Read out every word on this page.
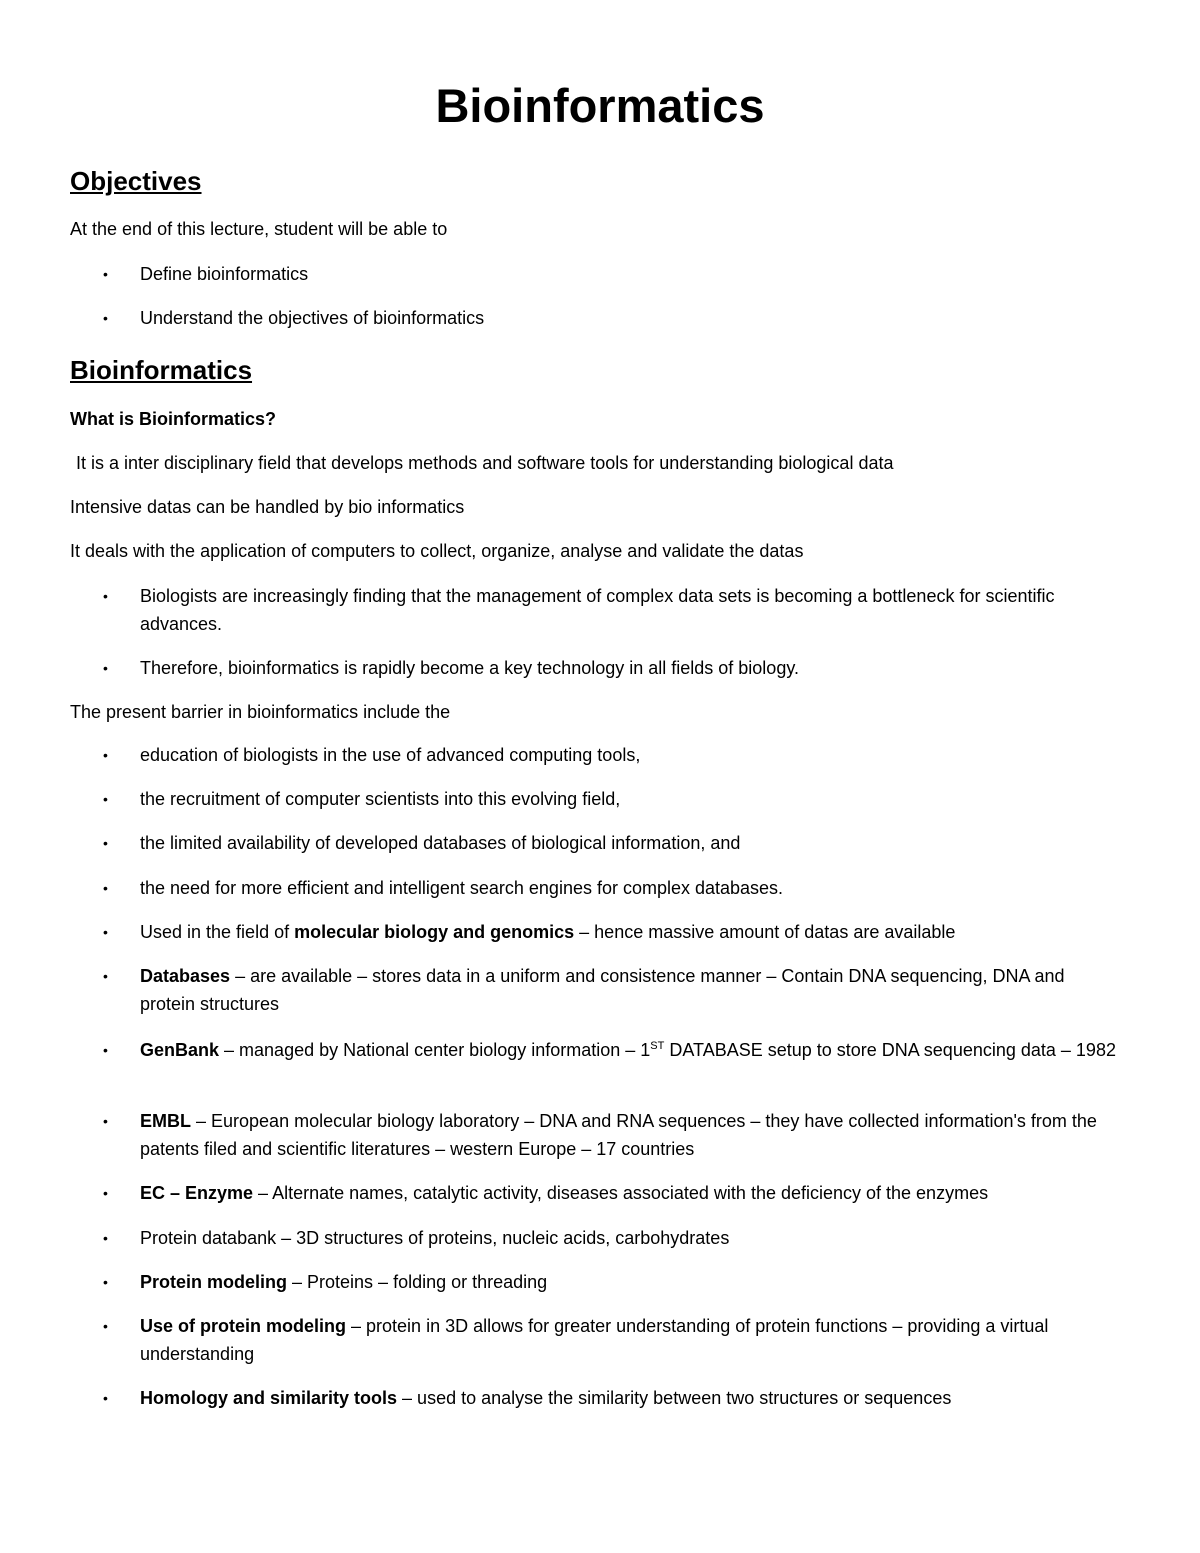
Bioinformatics
Objectives
At the end of this lecture, student will be able to
• Define bioinformatics
• Understand the objectives of bioinformatics
Bioinformatics
What is Bioinformatics?
It is a inter disciplinary field that develops methods and software tools for understanding biological data
Intensive datas can be handled by bio informatics
It deals with the application of computers to collect, organize, analyse and validate the datas
• Biologists are increasingly finding that the management of complex data sets is becoming a bottleneck for scientific advances.
• Therefore, bioinformatics is rapidly become a key technology in all fields of biology.
The present barrier in bioinformatics include the
• education of biologists in the use of advanced computing tools,
• the recruitment of computer scientists into this evolving field,
• the limited availability of developed databases of biological information, and
• the need for more efficient and intelligent search engines for complex databases.
• Used in the field of molecular biology and genomics – hence massive amount of datas are available
• Databases – are available – stores data in a uniform and consistence manner – Contain DNA sequencing, DNA and protein structures
• GenBank – managed by National center biology information – 1ST DATABASE setup to store DNA sequencing data – 1982
• EMBL – European molecular biology laboratory – DNA and RNA sequences – they have collected information's from the patents filed and scientific literatures – western Europe – 17 countries
• EC – Enzyme – Alternate names, catalytic activity, diseases associated with the deficiency of the enzymes
• Protein databank – 3D structures of proteins, nucleic acids, carbohydrates
• Protein modeling – Proteins – folding or threading
• Use of protein modeling – protein in 3D allows for greater understanding of protein functions – providing a virtual understanding
• Homology and similarity tools – used to analyse the similarity between two structures or sequences
